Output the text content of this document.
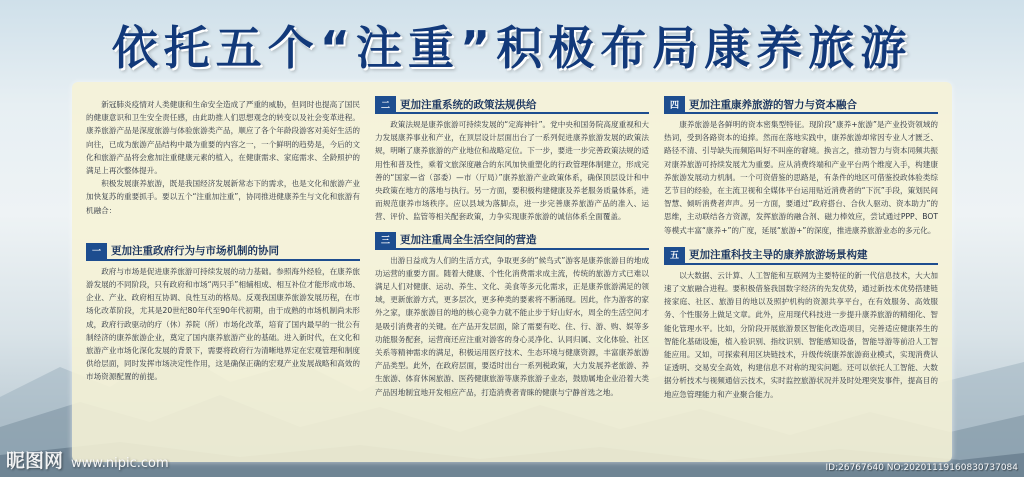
依托五个“注重”积极布局康养旅游

新冠肺炎疫情对人类健康和生命安全造成了严重的威胁，但同时也提高了国民的健康意识和卫生安全责任感，由此助推人们思想观念的转变以及社会变革进程。康养旅游产品是深度旅游与体验旅游类产品，顺应了各个年龄段游客对美好生活的向往，已成为旅游产品结构中最为重要的内容之一，一个鲜明的趋势是，今后的文化和旅游产品将会愈加注重健康元素的植入，在健康需求、家庭需求、全龄照护的满足上再次整体提升。

积极发展康养旅游，既是我国经济发展新常态下的需求，也是文化和旅游产业加快复苏的重要抓手。要以五个“注重加注重”，协同推进健康养生与文化和旅游有机融合：

一 更加注重政府行为与市场机制的协同

政府与市场是促进康养旅游可持续发展的动力基础。参照海外经验，在康养旅游发展的不同阶段，只有政府和市场“两只手”相辅相成、相互补位才能形成市场、企业、产业、政府相互协调、良性互动的格局。反观我国康养旅游发展历程，在市场化改革阶段，尤其是20世纪80年代至90年代初期，由于成熟的市场机制尚未形成，政府行政驱动的疗（休）养院（所）市场化改革，培育了国内最早的一批公有制经济的康养旅游企业，奠定了国内康养旅游产业的基础。进入新时代，在文化和旅游产业市场化深化发展的背景下，需要将政府行为清晰地界定在宏观管理和制度供给层面，同时发挥市场决定性作用，这是确保正确的宏观产业发展战略和高效的市场资源配置的前提。

二 更加注重系统的政策法规供给

政策法规是康养旅游可持续发展的“定海神针”。党中央和国务院高度重视和大力发展康养事业和产业，在顶层设计层面出台了一系列促进康养旅游发展的政策法规，明晰了康养旅游的产业地位和战略定位。下一步，要进一步完善政策法规的适用性和普及性，乘着文旅深度融合的东风加快重塑化的行政管理体制建立，形成完善的“国家—省（部委）—市（厅局）”康养旅游产业政策体系，确保顶层设计和中央政策在地方的落地与执行。另一方面，要积极构建健康及养老服务质量体系，进而规范康养市场秩序。应以县域为落脚点，进一步完善康养旅游产品的准入、运营、评价、监管等相关配套政策，力争实现康养旅游的诚信体系全面覆盖。

三 更加注重周全生活空间的营造

出游日益成为人们的生活方式，争取更多的“候鸟式”游客是康养旅游目的地成功运营的重要方面。随着大健康、个性化消费需求成主流，传统的旅游方式已难以满足人们对健康、运动、养生、文化、美食等多元化需求，正是康养旅游满足的领域，更新旅游方式，更多层次，更多种类的要素将不断涌现。因此，作为游客的家外之家，康养旅游目的地的核心竞争力就不能止步于好山好水，周全的生活空间才是吸引消费者的关键。在产品开发层面，除了需要有吃、住、行、游、购、娱等多功能服务配套，运营商还应注重对游客的身心灵净化、认同归属、文化体验、社区关系等精神需求的满足，积极运用医疗技术、生态环境与健康资源，丰富康养旅游产品类型。此外，在政府层面，要适时出台一系列税政策，大力发展养老旅游、养生旅游、体育休闲旅游、医药健康旅游等康养旅游子业态，鼓励属地企业沿着大类产品因地制宜地开发相应产品，打造消费者青睐的健康与宁静首选之地。

四 更加注重康养旅游的智力与资本融合

康养旅游是各鲜明的资本密集型特征。现阶段“康养+旅游”是产业投资领域的热词，受到各路资本的追捧。然而在落地实践中，康养旅游却常因专业人才匮乏、路径不清、引导缺失而频陷叫好不叫座的窘境。换言之，推动智力与资本同频共振对康养旅游可持续发展尤为重要。应从消费终端和产业平台两个维度入手，构建康养旅游发展动力机制。一个可资借鉴的思路是，有条件的地区可借鉴投政体验类综艺节目的经验，在主流卫视和全媒体平台运用贴近消费者的“下沉”手段，策划民间智慧、倾听消费者声声。另一方面，要通过“政府搭台、合伙人驱动、资本助力”的思维，主动联结各方资源，发挥旅游的融合剂、磁力棒效应，尝试通过PPP、BOT等模式丰富“康养+”的广度，延展“旅游+”的深度，推进康养旅游业态的多元化。

五 更加注重科技主导的康养旅游场景构建

以大数据、云计算、人工智能和互联网为主要特征的新一代信息技术，大大加速了文旅融合进程。要积极借鉴我国数字经济的先发优势，通过新技术优势搭建链接家庭、社区、旅游目的地以及照护机构的资源共享平台，在有效服务、高效服务、个性服务上做足文章。此外，应用现代科技进一步提升康养旅游的精细化、智能化管理水平。比如，分阶段开展旅游景区智能化改造项目，完善适应健康养生的智能化基础设施，植入验识别、指纹识别、智能感知设备，智能导游等前沿人工智能应用。又如，可探索利用区块链技术，升级传统康养旅游商业模式，实现消费认证透明、交易安全高效，构建信息不对称的现实问题。还可以依托人工智能、大数据分析技术与视频通信云技术，实时监控旅游状况并及时处理突发事件，提高目的地应急管理能力和产业聚合能力。

昵图网 www.nipic.com	ID:26767640 NO:20201119160830737084
